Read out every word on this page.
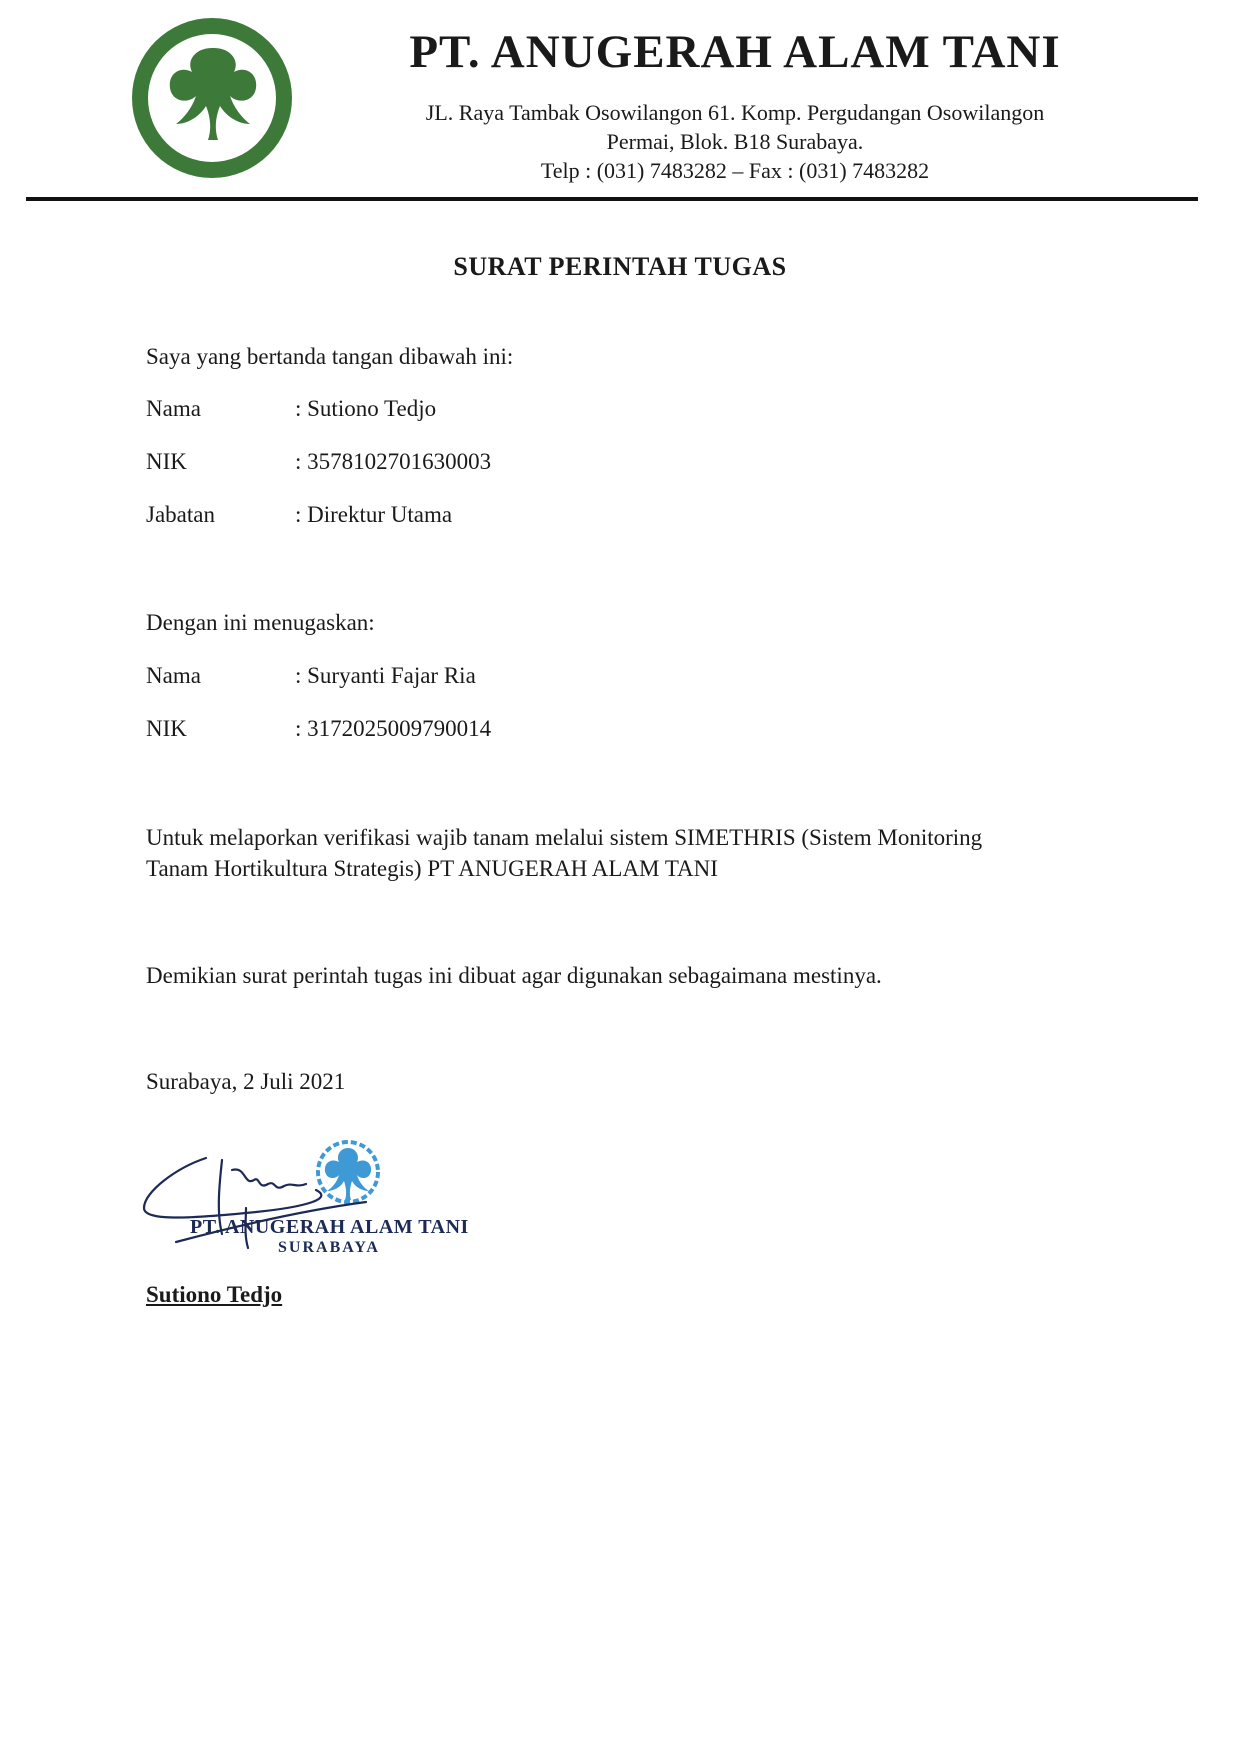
PT. ANUGERAH ALAM TANI
JL. Raya Tambak Osowilangon 61. Komp. Pergudangan Osowilangon
Permai, Blok. B18 Surabaya.
Telp : (031) 7483282 – Fax : (031) 7483282
SURAT PERINTAH TUGAS
Saya yang bertanda tangan dibawah ini:
Nama	: Sutiono Tedjo
NIK	: 3578102701630003
Jabatan	: Direktur Utama
Dengan ini menugaskan:
Nama	: Suryanti Fajar Ria
NIK	: 3172025009790014
Untuk melaporkan verifikasi wajib tanam melalui sistem SIMETHRIS (Sistem Monitoring
Tanam Hortikultura Strategis) PT ANUGERAH ALAM TANI
Demikian surat perintah tugas ini dibuat agar digunakan sebagaimana mestinya.
Surabaya, 2 Juli 2021
PT. ANUGERAH ALAM TANI
SURABAYA
Sutiono Tedjo
